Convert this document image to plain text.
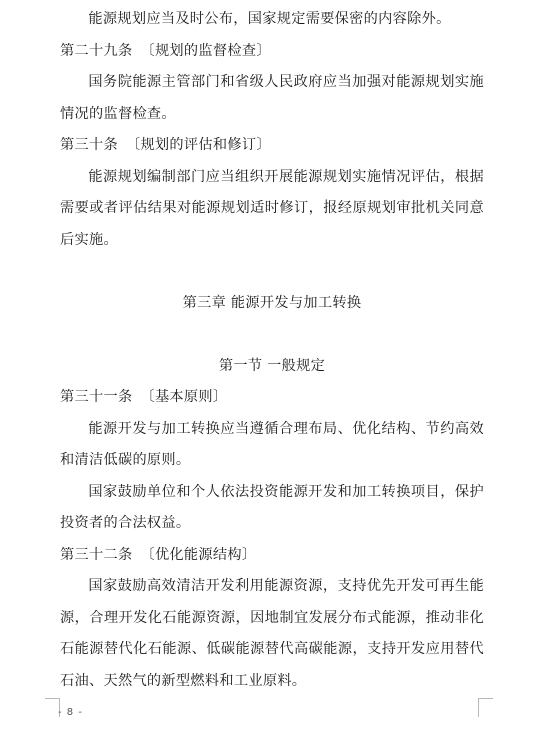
能源规划应当及时公布，国家规定需要保密的内容除外。

第二十九条 〔规划的监督检查〕

国务院能源主管部门和省级人民政府应当加强对能源规划实施情况的监督检查。

第三十条 〔规划的评估和修订〕

能源规划编制部门应当组织开展能源规划实施情况评估，根据需要或者评估结果对能源规划适时修订，报经原规划审批机关同意后实施。

第三章 能源开发与加工转换

第一节 一般规定

第三十一条 〔基本原则〕

能源开发与加工转换应当遵循合理布局、优化结构、节约高效和清洁低碳的原则。

国家鼓励单位和个人依法投资能源开发和加工转换项目，保护投资者的合法权益。

第三十二条 〔优化能源结构〕

国家鼓励高效清洁开发利用能源资源，支持优先开发可再生能源，合理开发化石能源资源，因地制宜发展分布式能源，推动非化石能源替代化石能源、低碳能源替代高碳能源，支持开发应用替代石油、天然气的新型燃料和工业原料。

- 8 -
